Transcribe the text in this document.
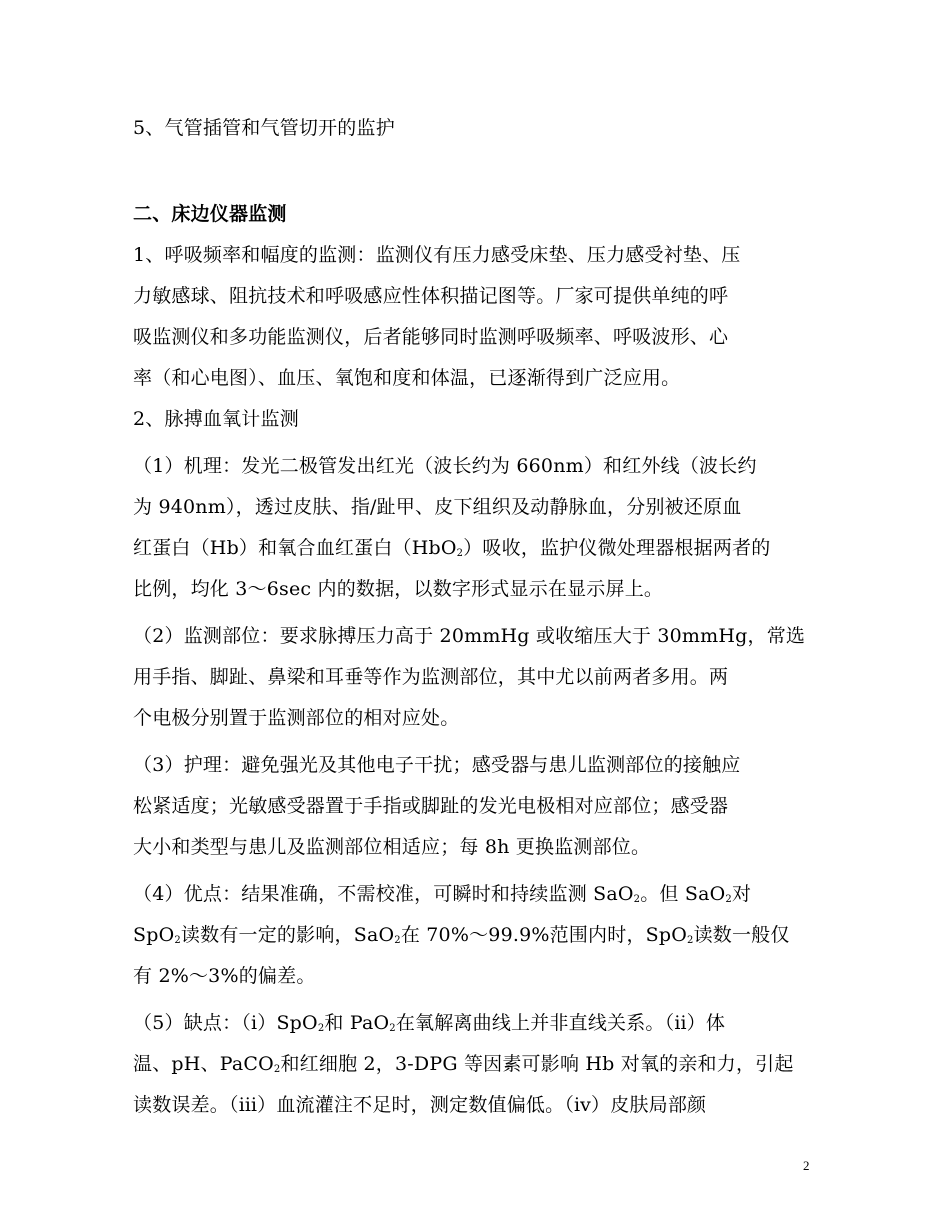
5、气管插管和气管切开的监护
二、床边仪器监测
1、呼吸频率和幅度的监测：监测仪有压力感受床垫、压力感受衬垫、压
力敏感球、阻抗技术和呼吸感应性体积描记图等。厂家可提供单纯的呼
吸监测仪和多功能监测仪，后者能够同时监测呼吸频率、呼吸波形、心
率（和心电图）、血压、氧饱和度和体温，已逐渐得到广泛应用。
2、脉搏血氧计监测
（1）机理：发光二极管发出红光（波长约为 660nm）和红外线（波长约
为 940nm），透过皮肤、指/趾甲、皮下组织及动静脉血，分别被还原血
红蛋白（Hb）和氧合血红蛋白（HbO$_2$）吸收，监护仪微处理器根据两者的
比例，均化 3～6sec 内的数据，以数字形式显示在显示屏上。
（2）监测部位：要求脉搏压力高于 20mmHg 或收缩压大于 30mmHg，常选
用手指、脚趾、鼻梁和耳垂等作为监测部位，其中尤以前两者多用。两
个电极分别置于监测部位的相对应处。
（3）护理：避免强光及其他电子干扰；感受器与患儿监测部位的接触应
松紧适度；光敏感受器置于手指或脚趾的发光电极相对应部位；感受器
大小和类型与患儿及监测部位相适应；每 8h 更换监测部位。
（4）优点：结果准确，不需校准，可瞬时和持续监测 SaO$_2$。但 SaO$_2$对
SpO$_2$读数有一定的影响，SaO$_2$在 70%～99.9%范围内时，SpO$_2$读数一般仅
有 2%～3%的偏差。
（5）缺点：（ⅰ）SpO$_2$和 PaO$_2$在氧解离曲线上并非直线关系。（ⅱ）体
温、pH、PaCO$_2$和红细胞 2，3-DPG 等因素可影响 Hb 对氧的亲和力，引起
读数误差。（ⅲ）血流灌注不足时，测定数值偏低。（ⅳ）皮肤局部颜
2
